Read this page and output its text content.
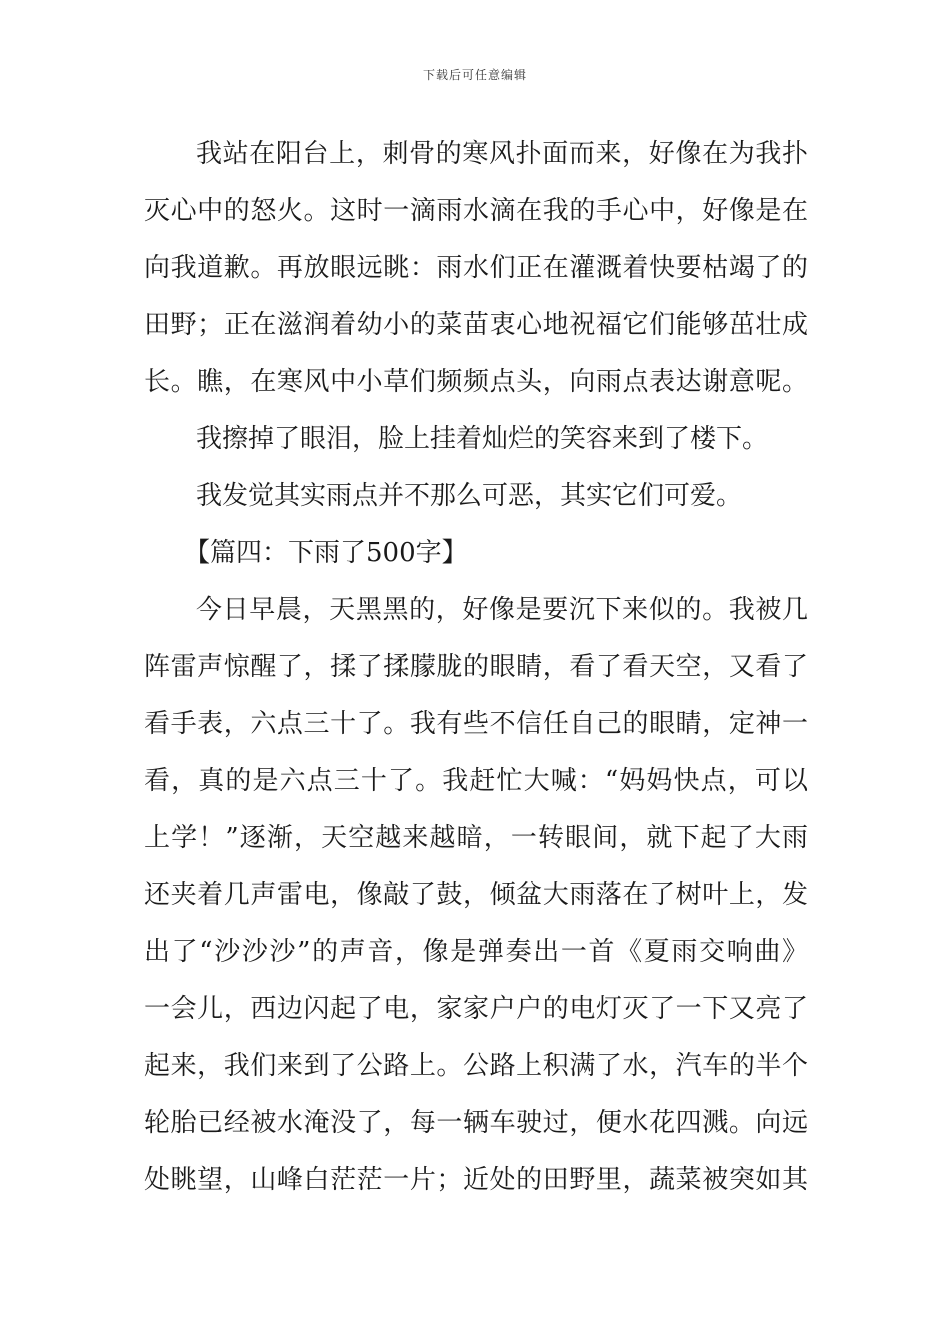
下载后可任意编辑
我站在阳台上，刺骨的寒风扑面而来，好像在为我扑
灭心中的怒火。这时一滴雨水滴在我的手心中，好像是在
向我道歉。再放眼远眺：雨水们正在灌溉着快要枯竭了的
田野；正在滋润着幼小的菜苗衷心地祝福它们能够茁壮成
长。瞧，在寒风中小草们频频点头，向雨点表达谢意呢。
我擦掉了眼泪，脸上挂着灿烂的笑容来到了楼下。
我发觉其实雨点并不那么可恶，其实它们可爱。
【篇四：下雨了500字】
今日早晨，天黑黑的，好像是要沉下来似的。我被几
阵雷声惊醒了，揉了揉朦胧的眼睛，看了看天空，又看了
看手表，六点三十了。我有些不信任自己的眼睛，定神一
看，真的是六点三十了。我赶忙大喊：“妈妈快点，可以
上学！”逐渐，天空越来越暗，一转眼间，就下起了大雨
还夹着几声雷电，像敲了鼓，倾盆大雨落在了树叶上，发
出了“沙沙沙”的声音，像是弹奏出一首《夏雨交响曲》
一会儿，西边闪起了电，家家户户的电灯灭了一下又亮了
起来，我们来到了公路上。公路上积满了水，汽车的半个
轮胎已经被水淹没了，每一辆车驶过，便水花四溅。向远
处眺望，山峰白茫茫一片；近处的田野里，蔬菜被突如其
